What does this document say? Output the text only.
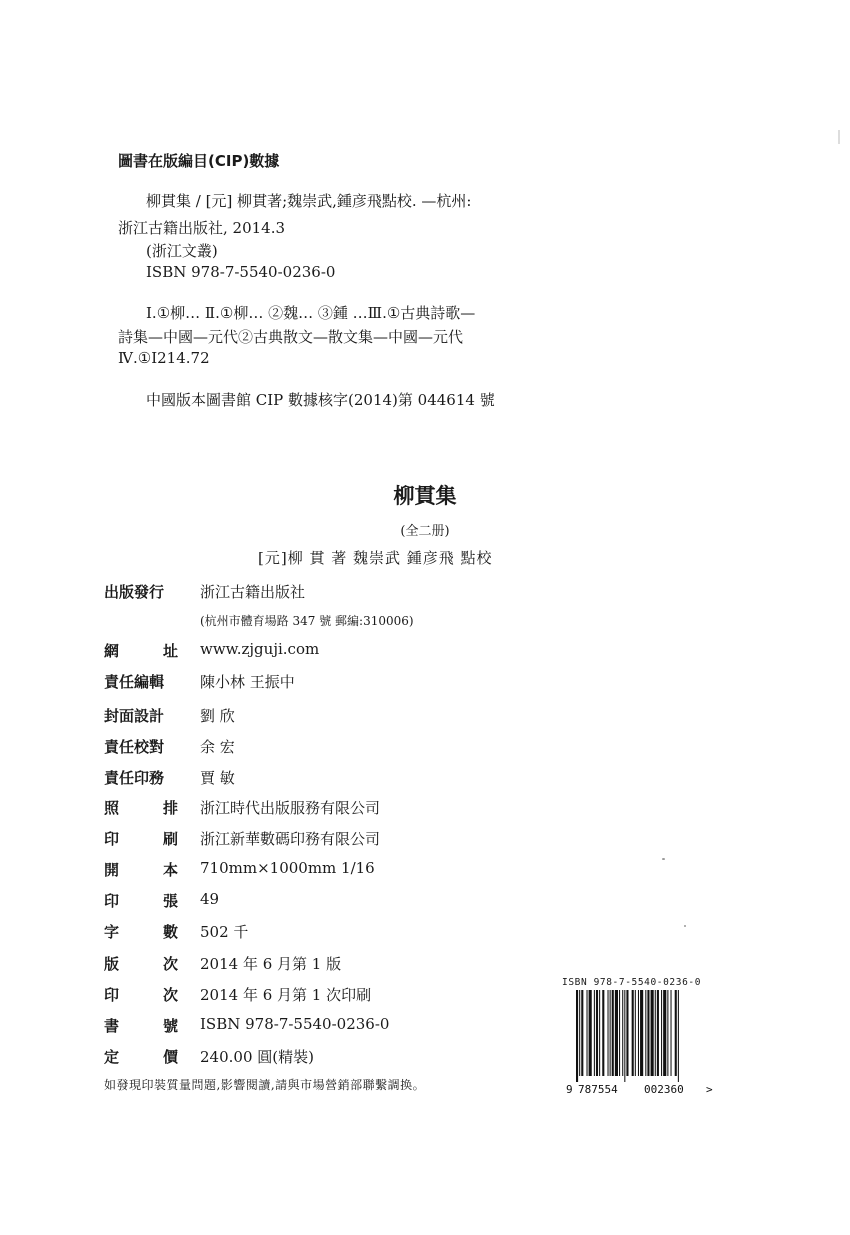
圖書在版編目(CIP)數據
柳貫集 / [元] 柳貫著;魏崇武,鍾彦飛點校. —杭州:
浙江古籍出版社, 2014.3
(浙江文叢)
ISBN 978-7-5540-0236-0
Ⅰ.①柳… Ⅱ.①柳… ②魏… ③鍾 …Ⅲ.①古典詩歌—
詩集—中國—元代②古典散文—散文集—中國—元代
Ⅳ.①I214.72
中國版本圖書館 CIP 數據核字(2014)第 044614 號
柳貫集
(全二册)
[元]柳 貫 著 魏崇武 鍾彦飛 點校
出版發行 浙江古籍出版社
(杭州市體育場路 347 號 郵編:310006)
網	址 www.zjguji.com
責任編輯 陳小林 王振中
封面設計 劉 欣
責任校對 余 宏
責任印務 賈 敏
照	排 浙江時代出版服務有限公司
印	刷 浙江新華數碼印務有限公司
開	本 710mm×1000mm 1/16
印	張 49
字	數 502 千
版	次 2014 年 6 月第 1 版
印	次 2014 年 6 月第 1 次印刷
書	號 ISBN 978-7-5540-0236-0
定	價 240.00 圓(精裝)
如發現印裝質量問題,影響閱讀,請與市場營銷部聯繫調换。
ISBN 978-7-5540-0236-0
9 787554 002360 >
